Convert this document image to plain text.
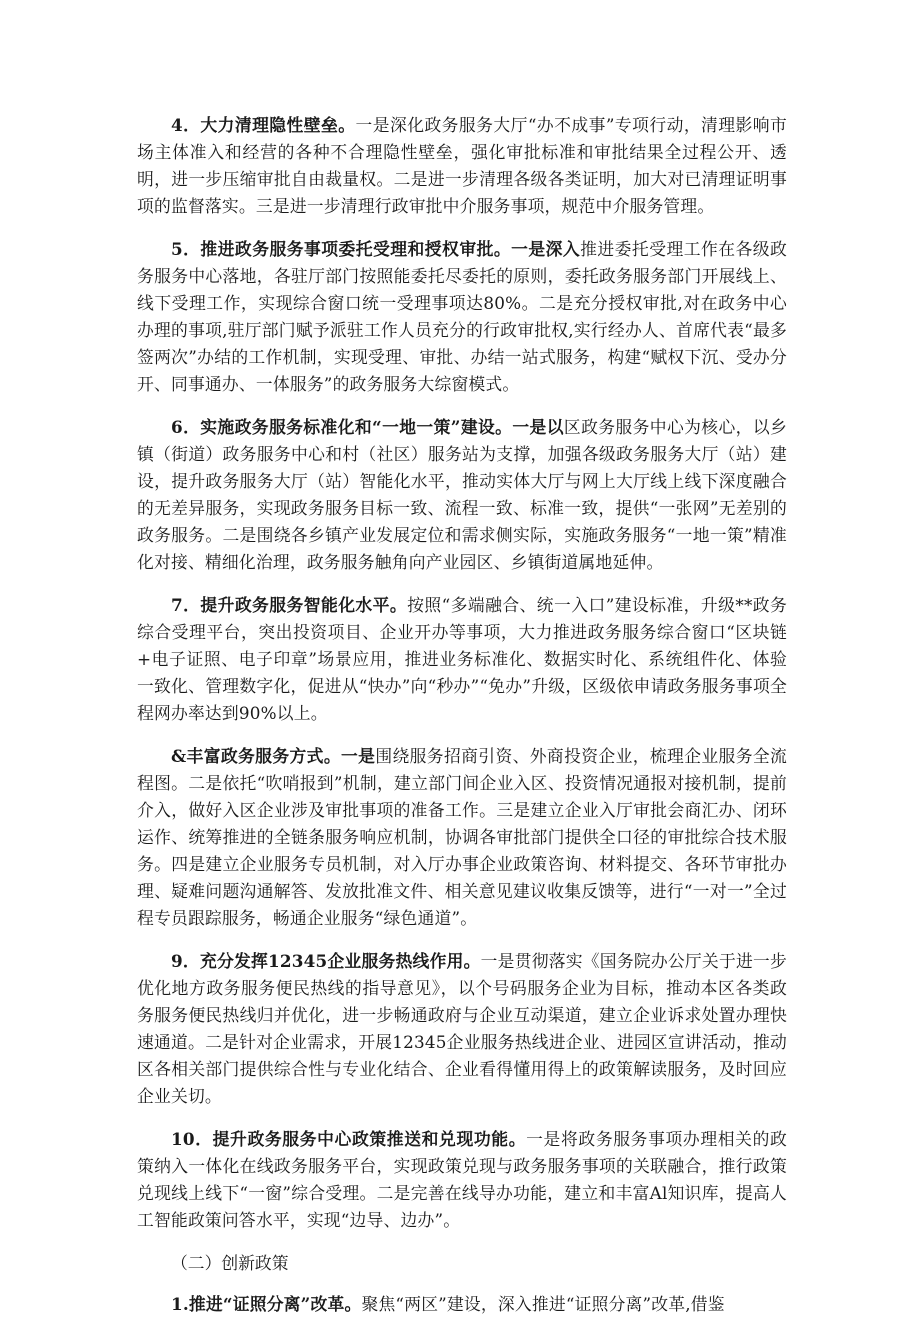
4．大力清理隐性壁垒。一是深化政务服务大厅“办不成事”专项行动，清理影响市场主体准入和经营的各种不合理隐性壁垒，强化审批标准和审批结果全过程公开、透明，进一步压缩审批自由裁量权。二是进一步清理各级各类证明，加大对已清理证明事项的监督落实。三是进一步清理行政审批中介服务事项，规范中介服务管理。

5．推进政务服务事项委托受理和授权审批。一是深入推进委托受理工作在各级政务服务中心落地，各驻厅部门按照能委托尽委托的原则，委托政务服务部门开展线上、线下受理工作，实现综合窗口统一受理事项达80%。二是充分授权审批,对在政务中心办理的事项,驻厅部门赋予派驻工作人员充分的行政审批权,实行经办人、首席代表“最多签两次”办结的工作机制，实现受理、审批、办结一站式服务，构建“赋权下沉、受办分开、同事通办、一体服务”的政务服务大综窗模式。

6．实施政务服务标准化和“一地一策”建设。一是以区政务服务中心为核心，以乡镇（街道）政务服务中心和村（社区）服务站为支撑，加强各级政务服务大厅（站）建设，提升政务服务大厅（站）智能化水平，推动实体大厅与网上大厅线上线下深度融合的无差异服务，实现政务服务目标一致、流程一致、标准一致，提供“一张网”无差别的政务服务。二是围绕各乡镇产业发展定位和需求侧实际，实施政务服务“一地一策”精准化对接、精细化治理，政务服务触角向产业园区、乡镇街道属地延伸。

7．提升政务服务智能化水平。按照“多端融合、统一入口”建设标准，升级**政务综合受理平台，突出投资项目、企业开办等事项，大力推进政务服务综合窗口“区块链+电子证照、电子印章”场景应用，推进业务标准化、数据实时化、系统组件化、体验一致化、管理数字化，促进从“快办”向“秒办”“免办”升级，区级依申请政务服务事项全程网办率达到90%以上。

&丰富政务服务方式。一是围绕服务招商引资、外商投资企业，梳理企业服务全流程图。二是依托“吹哨报到”机制，建立部门间企业入区、投资情况通报对接机制，提前介入，做好入区企业涉及审批事项的准备工作。三是建立企业入厅审批会商汇办、闭环运作、统筹推进的全链条服务响应机制，协调各审批部门提供全口径的审批综合技术服务。四是建立企业服务专员机制，对入厅办事企业政策咨询、材料提交、各环节审批办理、疑难问题沟通解答、发放批准文件、相关意见建议收集反馈等，进行“一对一”全过程专员跟踪服务，畅通企业服务“绿色通道”。

9．充分发挥12345企业服务热线作用。一是贯彻落实《国务院办公厅关于进一步优化地方政务服务便民热线的指导意见》，以个号码服务企业为目标，推动本区各类政务服务便民热线归并优化，进一步畅通政府与企业互动渠道，建立企业诉求处置办理快速通道。二是针对企业需求，开展12345企业服务热线进企业、进园区宣讲活动，推动区各相关部门提供综合性与专业化结合、企业看得懂用得上的政策解读服务，及时回应企业关切。

10．提升政务服务中心政策推送和兑现功能。一是将政务服务事项办理相关的政策纳入一体化在线政务服务平台，实现政策兑现与政务服务事项的关联融合，推行政策兑现线上线下“一窗”综合受理。二是完善在线导办功能，建立和丰富Al知识库，提高人工智能政策问答水平，实现“边导、边办”。

（二）创新政策

1.推进“证照分离”改革。聚焦“两区”建设，深入推进“证照分离”改革,借鉴
